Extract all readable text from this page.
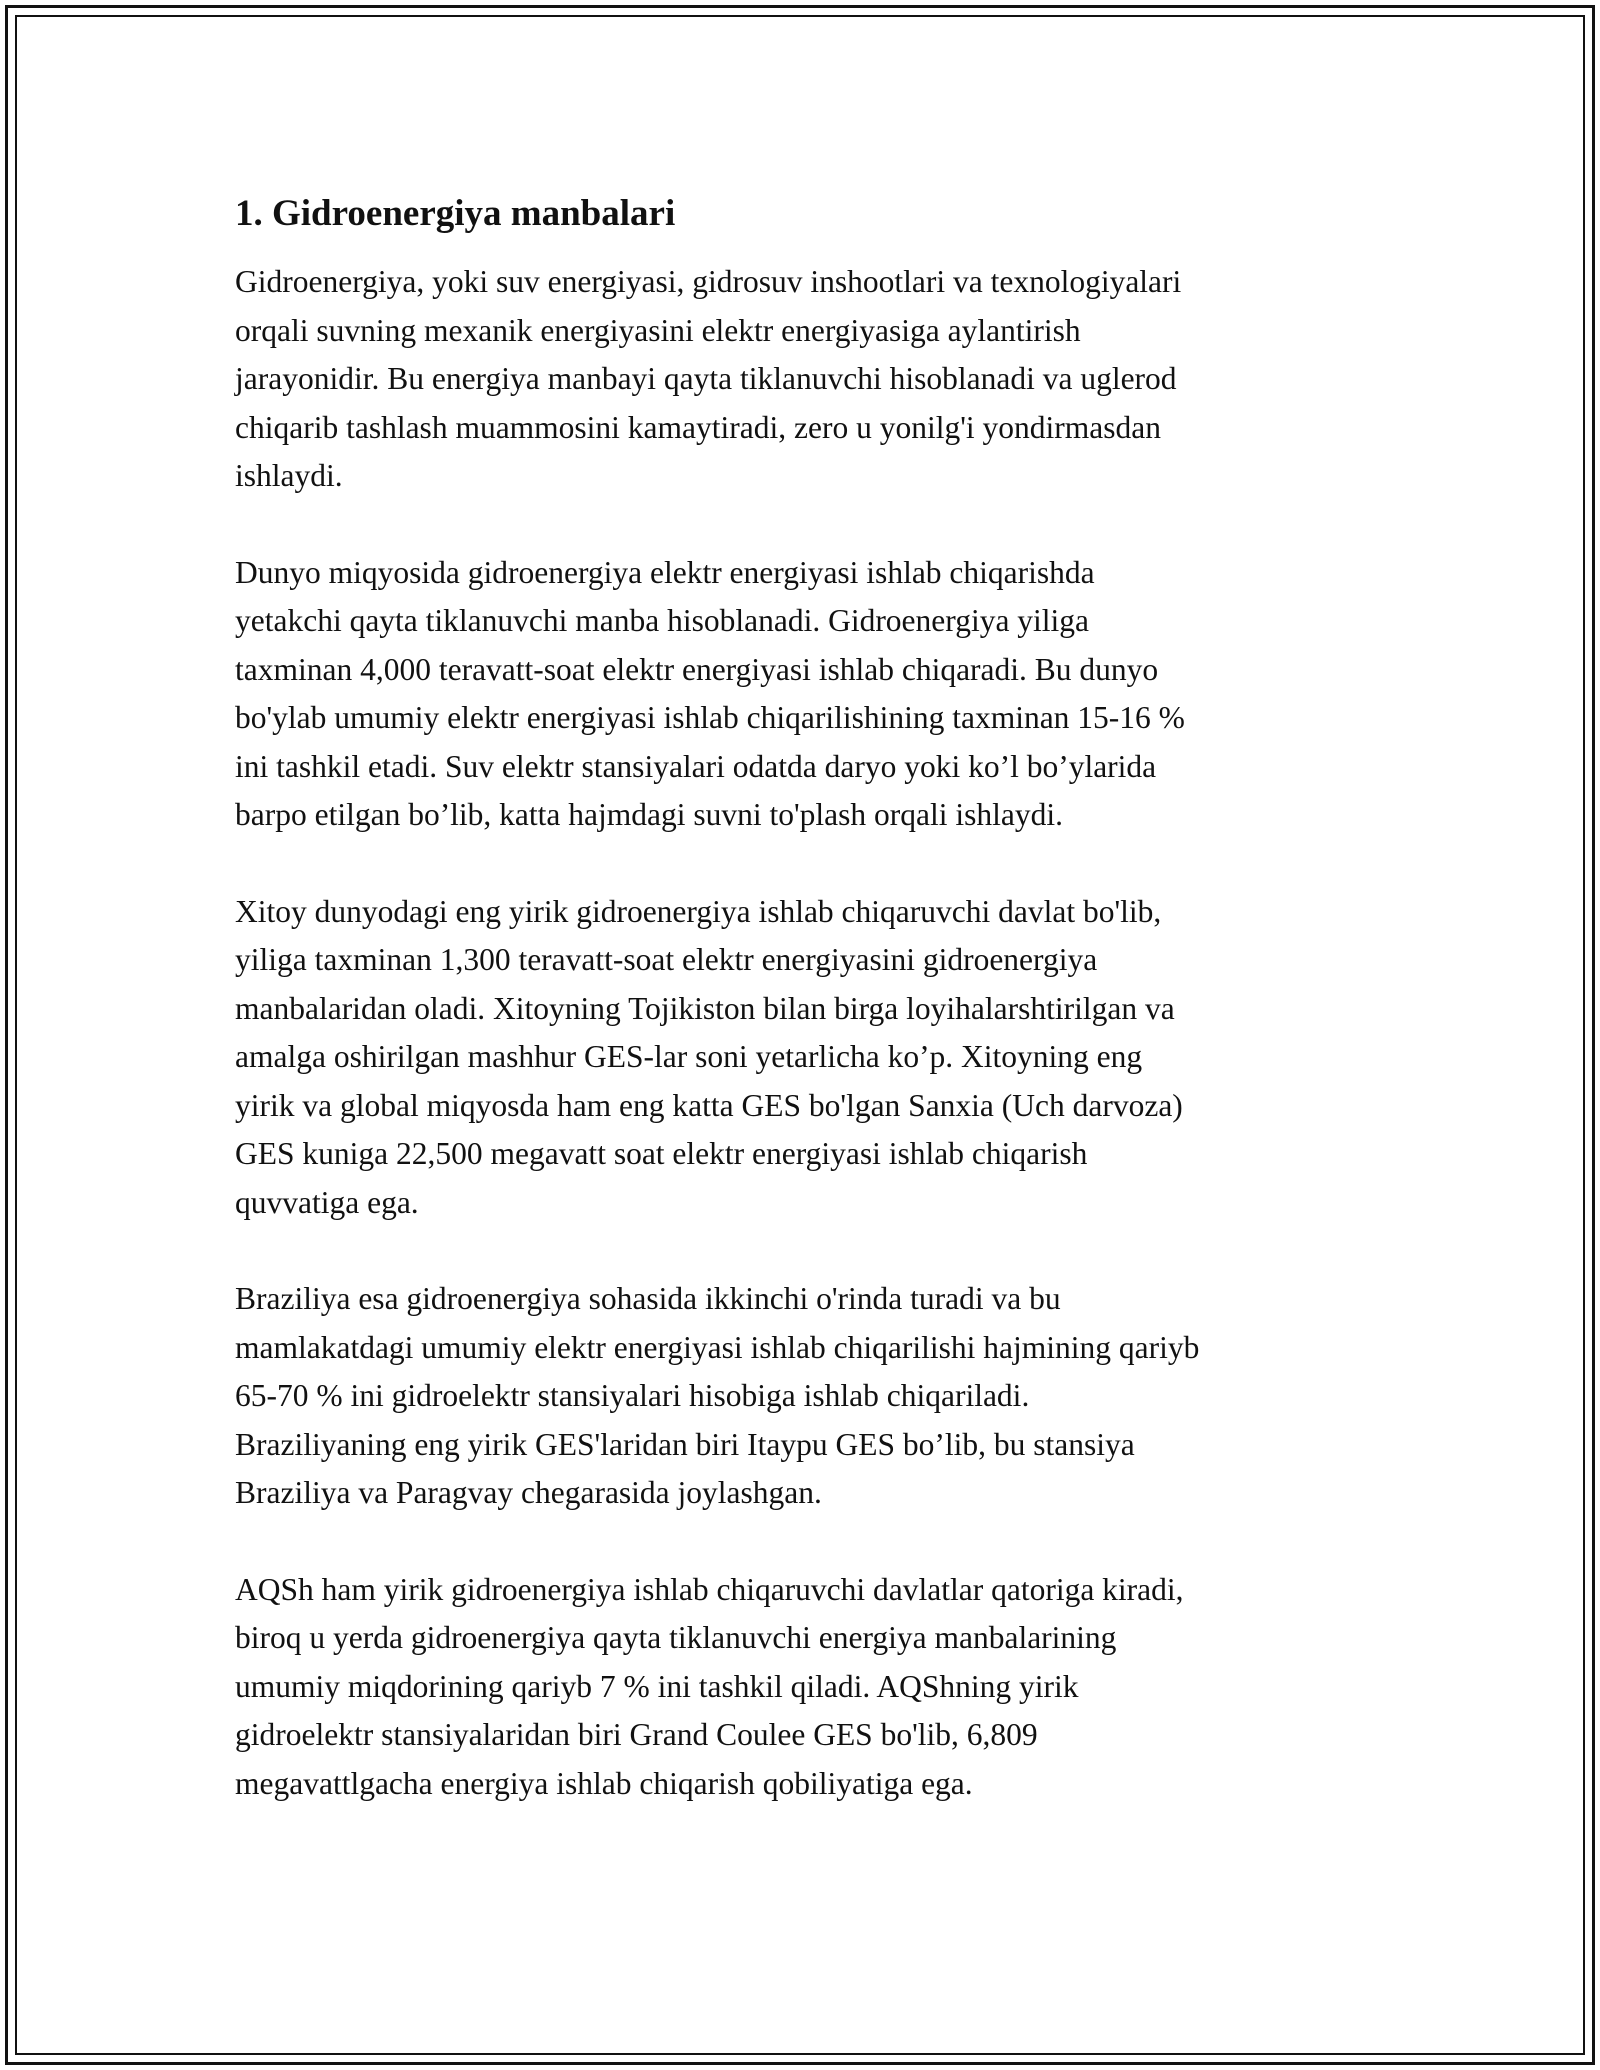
1. Gidroenergiya manbalari

Gidroenergiya, yoki suv energiyasi, gidrosuv inshootlari va texnologiyalari
orqali suvning mexanik energiyasini elektr energiyasiga aylantirish
jarayonidir. Bu energiya manbayi qayta tiklanuvchi hisoblanadi va uglerod
chiqarib tashlash muammosini kamaytiradi, zero u yonilg'i yondirmasdan
ishlaydi.

Dunyo miqyosida gidroenergiya elektr energiyasi ishlab chiqarishda
yetakchi qayta tiklanuvchi manba hisoblanadi. Gidroenergiya yiliga
taxminan 4,000 teravatt-soat elektr energiyasi ishlab chiqaradi. Bu dunyo
bo'ylab umumiy elektr energiyasi ishlab chiqarilishining taxminan 15-16 %
ini tashkil etadi. Suv elektr stansiyalari odatda daryo yoki ko’l bo’ylarida
barpo etilgan bo’lib, katta hajmdagi suvni to'plash orqali ishlaydi.

Xitoy dunyodagi eng yirik gidroenergiya ishlab chiqaruvchi davlat bo'lib,
yiliga taxminan 1,300 teravatt-soat elektr energiyasini gidroenergiya
manbalaridan oladi. Xitoyning Tojikiston bilan birga loyihalarshtirilgan va
amalga oshirilgan mashhur GES-lar soni yetarlicha ko’p. Xitoyning eng
yirik va global miqyosda ham eng katta GES bo'lgan Sanxia (Uch darvoza)
GES kuniga 22,500 megavatt soat elektr energiyasi ishlab chiqarish
quvvatiga ega.

Braziliya esa gidroenergiya sohasida ikkinchi o'rinda turadi va bu
mamlakatdagi umumiy elektr energiyasi ishlab chiqarilishi hajmining qariyb
65-70 % ini gidroelektr stansiyalari hisobiga ishlab chiqariladi.
Braziliyaning eng yirik GES'laridan biri Itaypu GES bo’lib, bu stansiya
Braziliya va Paragvay chegarasida joylashgan.

AQSh ham yirik gidroenergiya ishlab chiqaruvchi davlatlar qatoriga kiradi,
biroq u yerda gidroenergiya qayta tiklanuvchi energiya manbalarining
umumiy miqdorining qariyb 7 % ini tashkil qiladi. AQShning yirik
gidroelektr stansiyalaridan biri Grand Coulee GES bo'lib, 6,809
megavattlgacha energiya ishlab chiqarish qobiliyatiga ega.
